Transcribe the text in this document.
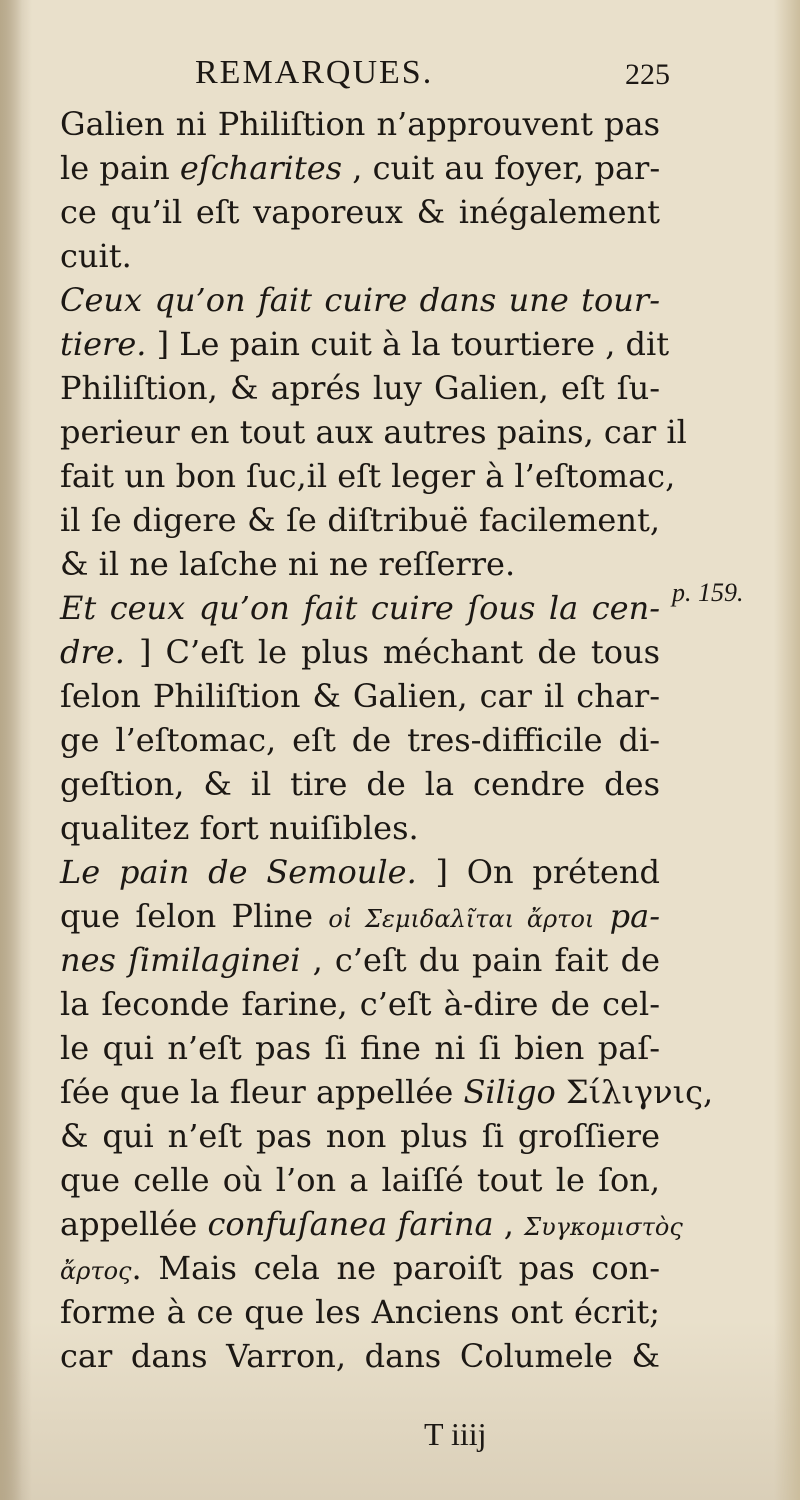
REMARQUES.	225
Galien ni Philiſtion n’approuvent pas
le pain eſcharites , cuit au foyer, par-
ce qu’il eſt vaporeux & inégalement
cuit.
Ceux qu’on fait cuire dans une tour-
tiere. ] Le pain cuit à la tourtiere , dit
Philiſtion, & aprés luy Galien, eſt ſu-
perieur en tout aux autres pains, car il
fait un bon ſuc,il eſt leger à l’eſtomac,
il ſe digere & ſe diſtribuë facilement,
& il ne laſche ni ne reſſerre.
Et ceux qu’on fait cuire ſous la cen-
dre. ] C’eſt le plus méchant de tous
ſelon Philiſtion & Galien, car il char-
ge l’eſtomac, eſt de tres-difficile di-
geſtion, & il tire de la cendre des
qualitez fort nuiſibles.
Le pain de Semoule. ] On prétend
que ſelon Pline οἱ Σεμιδαλῖται ἄρτοι pa-
nes ſimilaginei , c’eſt du pain fait de
la ſeconde farine, c’eſt à-dire de cel-
le qui n’eſt pas ſi fine ni ſi bien paſ-
ſée que la fleur appellée Siligo Σίλιγνις,
& qui n’eſt pas non plus ſi groſſiere
que celle où l’on a laiſſé tout le ſon,
appellée confuſanea farina , Συγκομιστὸς
ἄρτος. Mais cela ne paroiſt pas con-
forme à ce que les Anciens ont écrit;
car dans Varron, dans Columele &
p. 159.
T iiij
